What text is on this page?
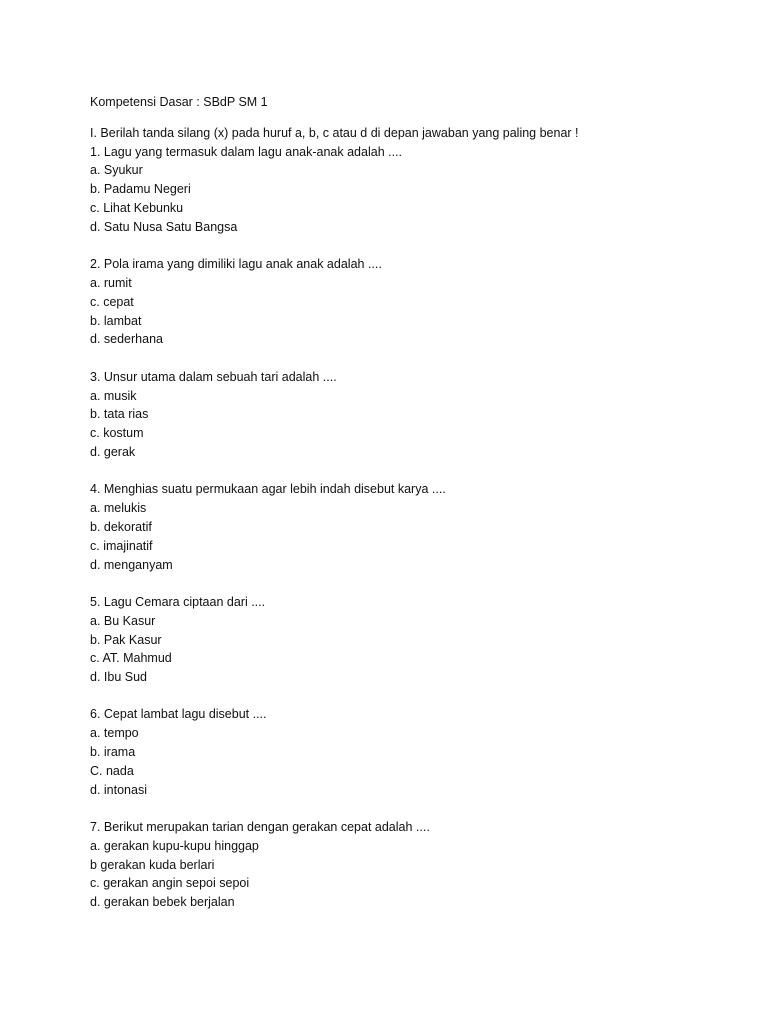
Kompetensi Dasar : SBdP SM 1
I. Berilah tanda silang (x) pada huruf a, b, c atau d di depan jawaban yang paling benar !
1. Lagu yang termasuk dalam lagu anak-anak adalah ....
a. Syukur
b. Padamu Negeri
c. Lihat Kebunku
d. Satu Nusa Satu Bangsa
2. Pola irama yang dimiliki lagu anak anak adalah ....
a. rumit
c. cepat
b. lambat
d. sederhana
3. Unsur utama dalam sebuah tari adalah ....
a. musik
b. tata rias
c. kostum
d. gerak
4. Menghias suatu permukaan agar lebih indah disebut karya ....
a. melukis
b. dekoratif
c. imajinatif
d. menganyam
5. Lagu Cemara ciptaan dari ....
a. Bu Kasur
b. Pak Kasur
c. AT. Mahmud
d. Ibu Sud
6. Cepat lambat lagu disebut ....
a. tempo
b. irama
C. nada
d. intonasi
7. Berikut merupakan tarian dengan gerakan cepat adalah ....
a. gerakan kupu-kupu hinggap
b gerakan kuda berlari
c. gerakan angin sepoi sepoi
d. gerakan bebek berjalan
